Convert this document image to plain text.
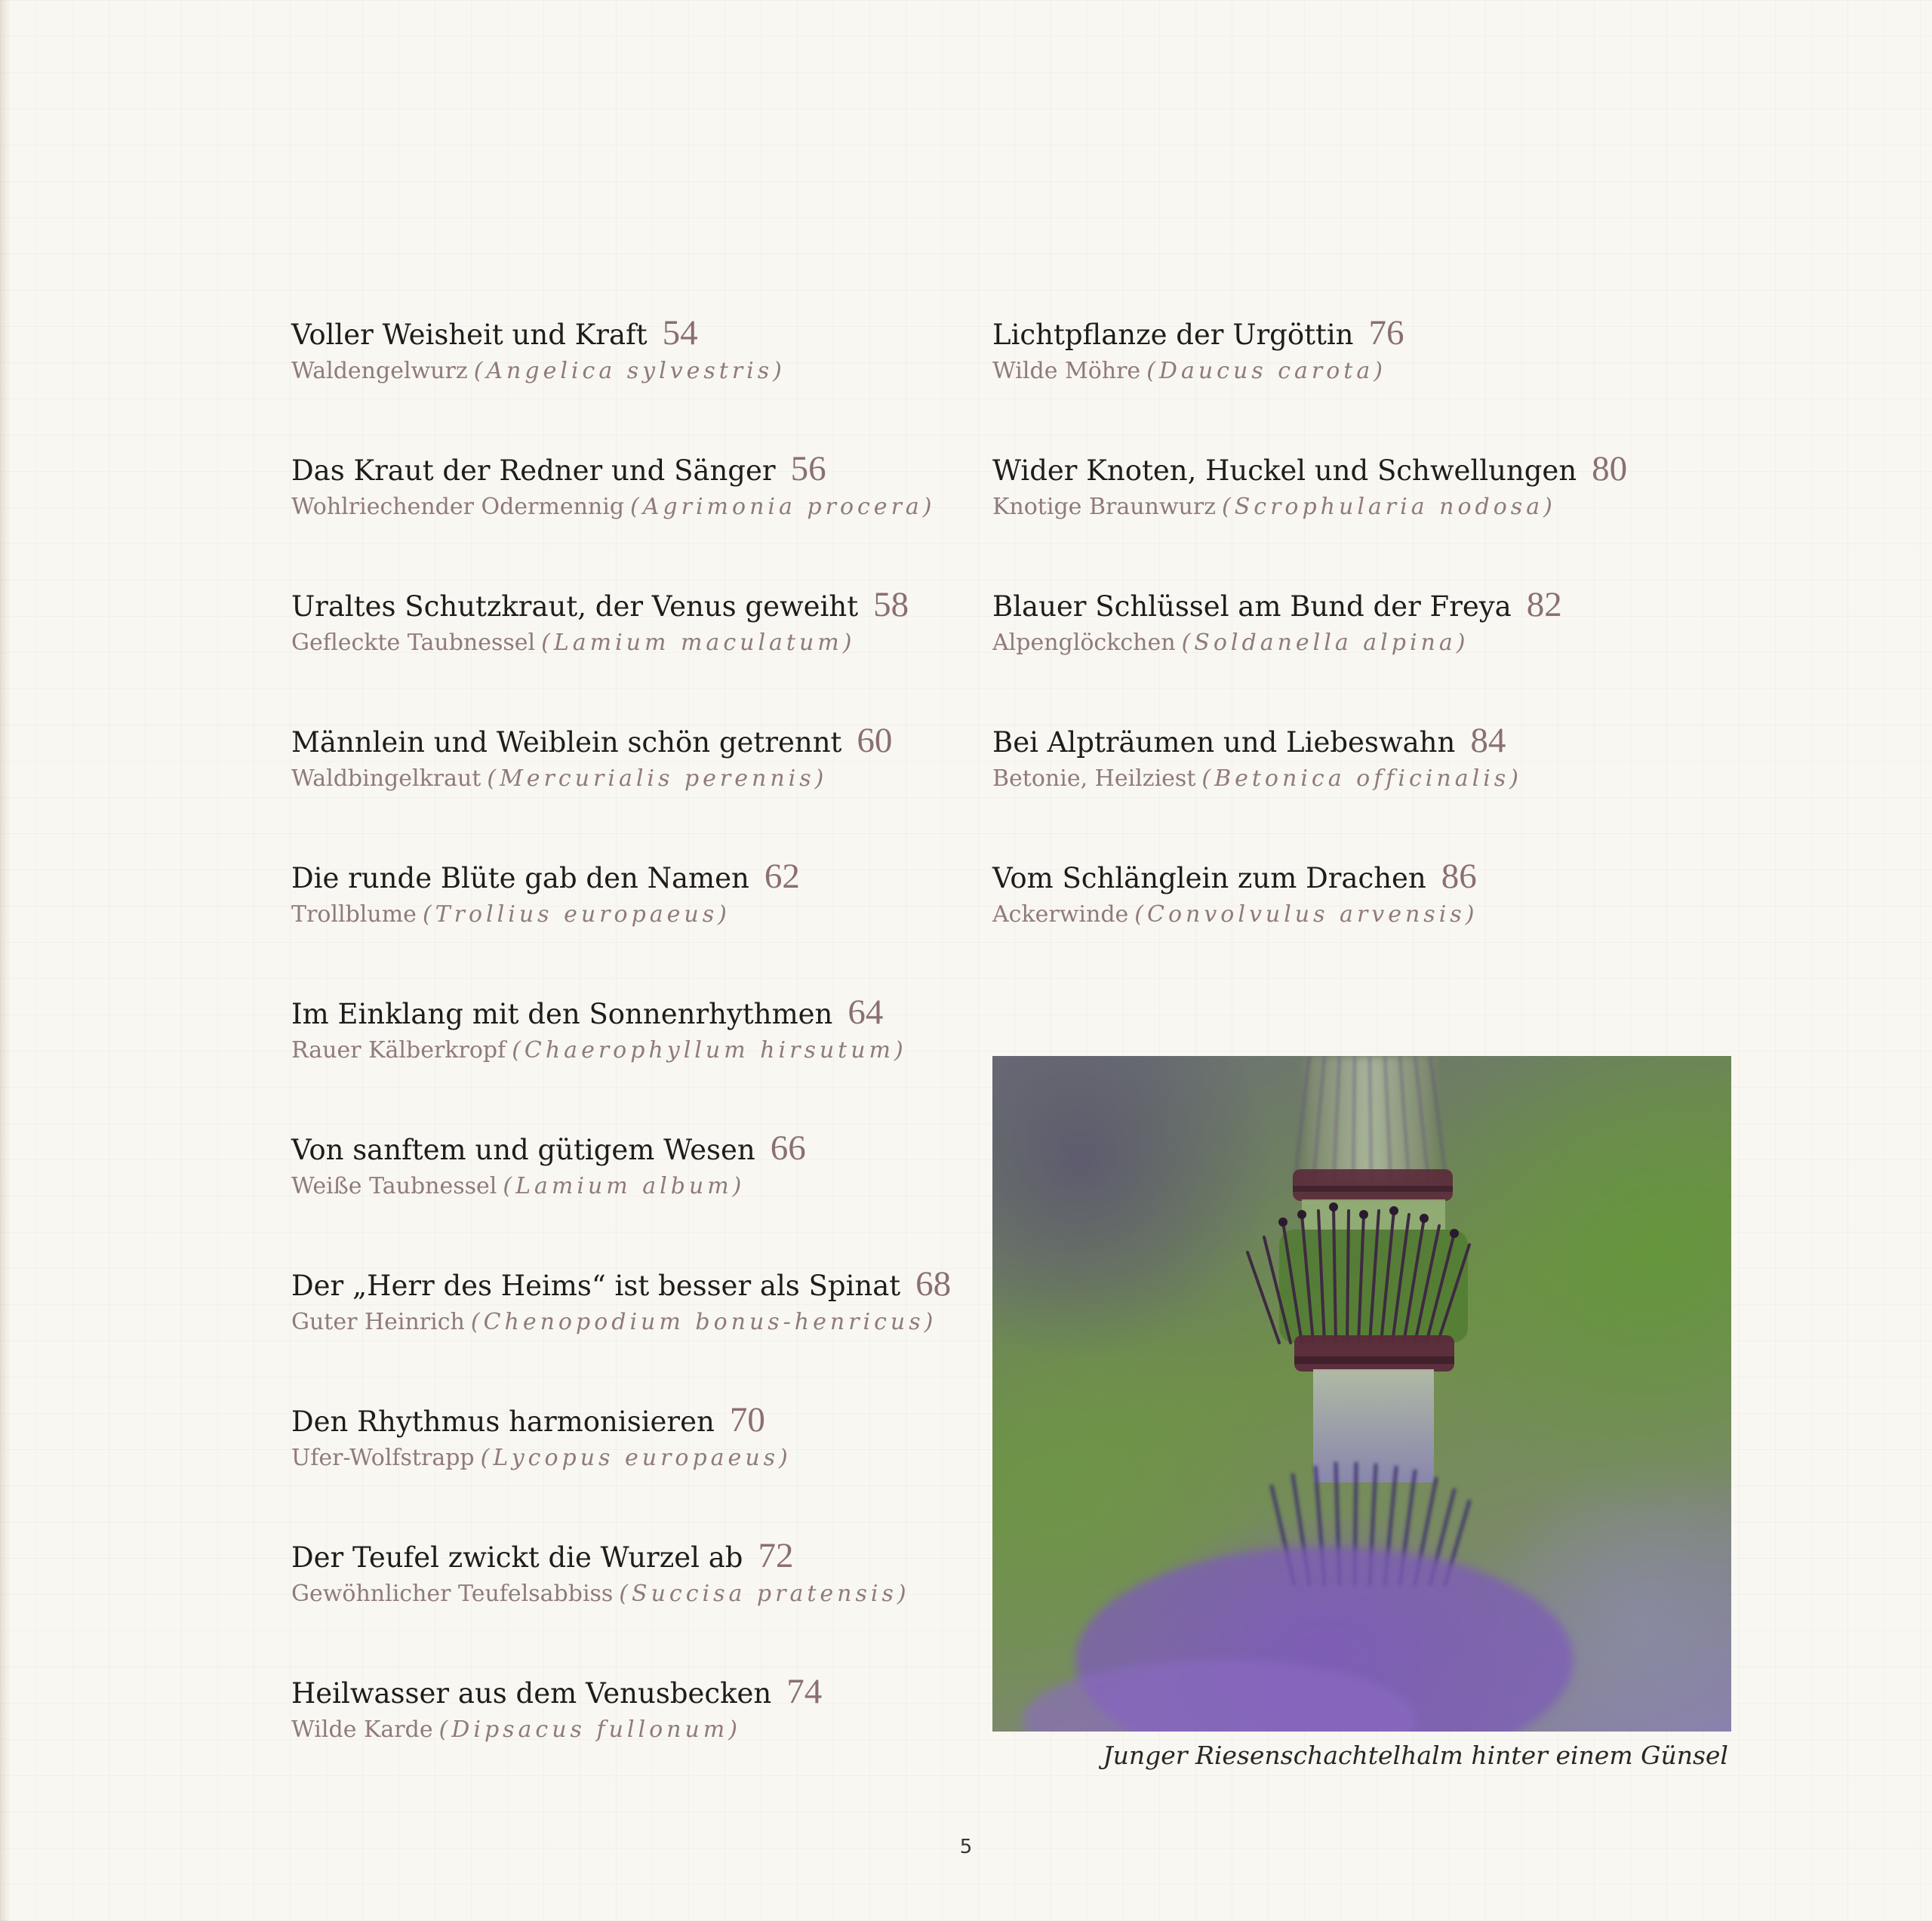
Voller Weisheit und Kraft 54
Waldengelwurz (Angelica sylvestris)
Das Kraut der Redner und Sänger 56
Wohlriechender Odermennig (Agrimonia procera)
Uraltes Schutzkraut, der Venus geweiht 58
Gefleckte Taubnessel (Lamium maculatum)
Männlein und Weiblein schön getrennt 60
Waldbingelkraut (Mercurialis perennis)
Die runde Blüte gab den Namen 62
Trollblume (Trollius europaeus)
Im Einklang mit den Sonnenrhythmen 64
Rauer Kälberkropf (Chaerophyllum hirsutum)
Von sanftem und gütigem Wesen 66
Weiße Taubnessel (Lamium album)
Der „Herr des Heims“ ist besser als Spinat 68
Guter Heinrich (Chenopodium bonus-henricus)
Den Rhythmus harmonisieren 70
Ufer-Wolfstrapp (Lycopus europaeus)
Der Teufel zwickt die Wurzel ab 72
Gewöhnlicher Teufelsabbiss (Succisa pratensis)
Heilwasser aus dem Venusbecken 74
Wilde Karde (Dipsacus fullonum)
Lichtpflanze der Urgöttin 76
Wilde Möhre (Daucus carota)
Wider Knoten, Huckel und Schwellungen 80
Knotige Braunwurz (Scrophularia nodosa)
Blauer Schlüssel am Bund der Freya 82
Alpenglöckchen (Soldanella alpina)
Bei Alpträumen und Liebeswahn 84
Betonie, Heilziest (Betonica officinalis)
Vom Schlänglein zum Drachen 86
Ackerwinde (Convolvulus arvensis)
Junger Riesenschachtelhalm hinter einem Günsel
5
